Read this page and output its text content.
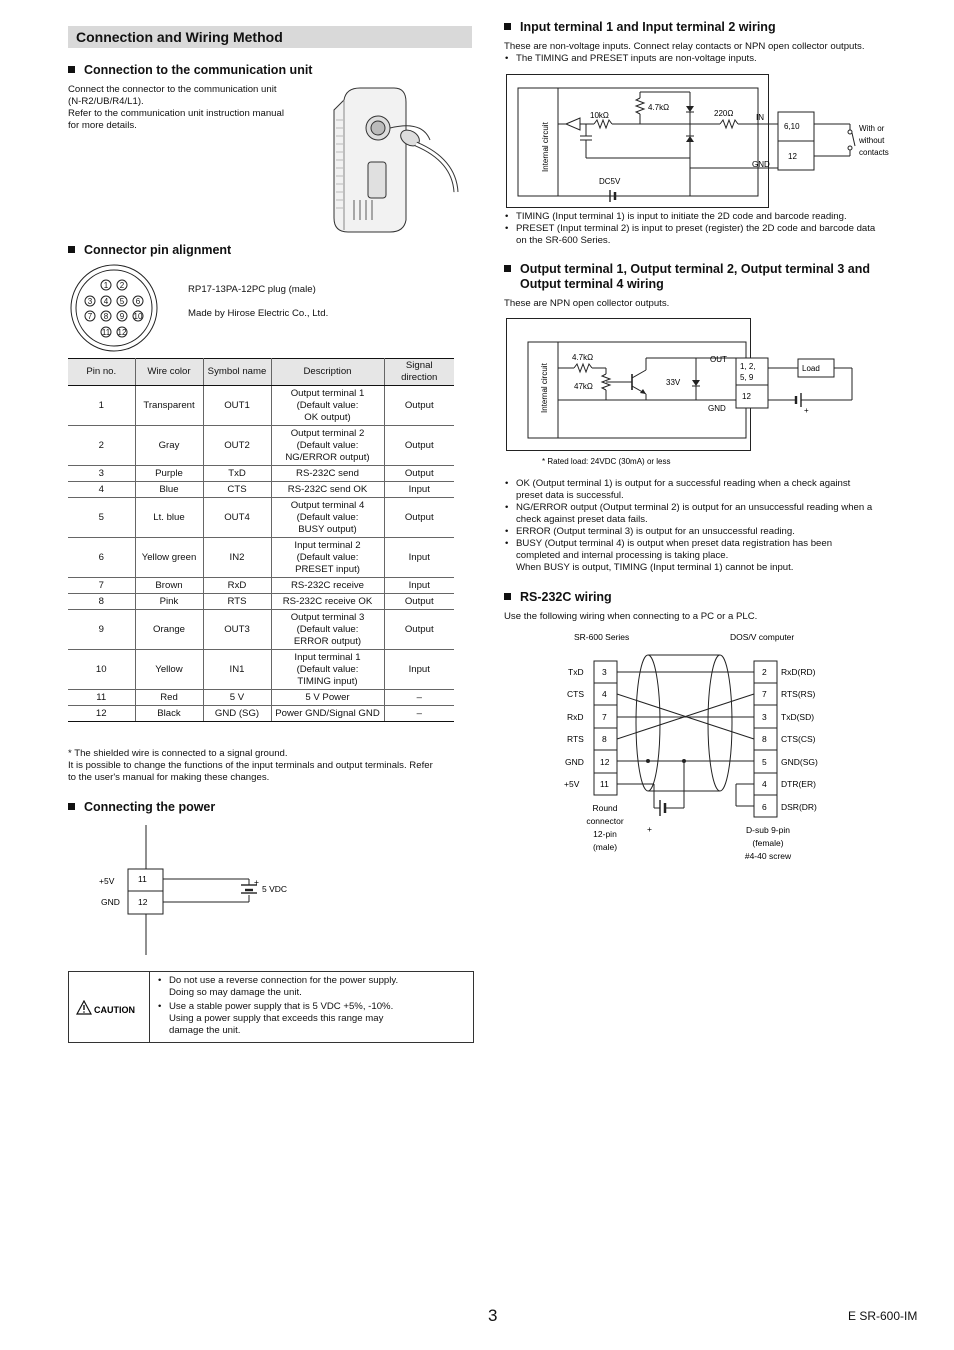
Connection and Wiring Method
Connection to the communication unit
Connect the connector to the communication unit
(N-R2/UB/R4/L1).
Refer to the communication unit instruction manual
for more details.
Connector pin alignment
1 2
3 4 5 6
7 8 9 10
11 12
RP17-13PA-12PC plug (male)
Made by Hirose Electric Co., Ltd.
Pin no.	Wire color	Symbol name	Description	Signal direction
1	Transparent	OUT1	Output terminal 1
(Default value:
OK output)	Output
2	Gray	OUT2	Output terminal 2
(Default value:
NG/ERROR output)	Output
3	Purple	TxD	RS-232C send	Output
4	Blue	CTS	RS-232C send OK	Input
5	Lt. blue	OUT4	Output terminal 4
(Default value:
BUSY output)	Output
6	Yellow green	IN2	Input terminal 2
(Default value:
PRESET input)	Input
7	Brown	RxD	RS-232C receive	Input
8	Pink	RTS	RS-232C receive OK	Output
9	Orange	OUT3	Output terminal 3
(Default value:
ERROR output)	Output
10	Yellow	IN1	Input terminal 1
(Default value:
TIMING input)	Input
11	Red	5 V	5 V Power	–
12	Black	GND (SG)	Power GND/Signal GND	–
* The shielded wire is connected to a signal ground.
It is possible to change the functions of the input terminals and output terminals. Refer
to the user's manual for making these changes.
Connecting the power
+5V
GND
11
12
+
5 VDC
CAUTION
• Do not use a reverse connection for the power supply.
Doing so may damage the unit.
• Use a stable power supply that is 5 VDC +5%, -10%.
Using a power supply that exceeds this range may
damage the unit.
Input terminal 1 and Input terminal 2 wiring
These are non-voltage inputs. Connect relay contacts or NPN open collector outputs.
• The TIMING and PRESET inputs are non-voltage inputs.
Internal circuit
10kΩ
4.7kΩ
220Ω	IN
GND
6,10
12
DC5V
With or
without
contacts
• TIMING (Input terminal 1) is input to initiate the 2D code and barcode reading.
• PRESET (Input terminal 2) is input to preset (register) the 2D code and barcode data
on the SR-600 Series.
Output terminal 1, Output terminal 2, Output terminal 3 and
Output terminal 4 wiring
These are NPN open collector outputs.
Internal circuit
4.7kΩ
47kΩ	33V
OUT
GND
1, 2,
5, 9
12
Load
+
* Rated load: 24VDC (30mA) or less
• OK (Output terminal 1) is output for a successful reading when a check against
preset data is successful.
• NG/ERROR output (Output terminal 2) is output for an unsuccessful reading when a
check against preset data fails.
• ERROR (Output terminal 3) is output for an unsuccessful reading.
• BUSY (Output terminal 4) is output when preset data registration has been
completed and internal processing is taking place.
When BUSY is output, TIMING (Input terminal 1) cannot be input.
RS-232C wiring
Use the following wiring when connecting to a PC or a PLC.
SR-600 Series	DOS/V computer
+
TxD
CTS
RxD
RTS
GND
+5V
3
4
7
8
12
11
2
7
3
8
5
4
6
RxD(RD)
RTS(RS)
TxD(SD)
CTS(CS)
GND(SG)
DTR(ER)
DSR(DR)
Round
connector
12-pin
(male)
D-sub 9-pin
(female)
#4-40 screw
3	E SR-600-IM
